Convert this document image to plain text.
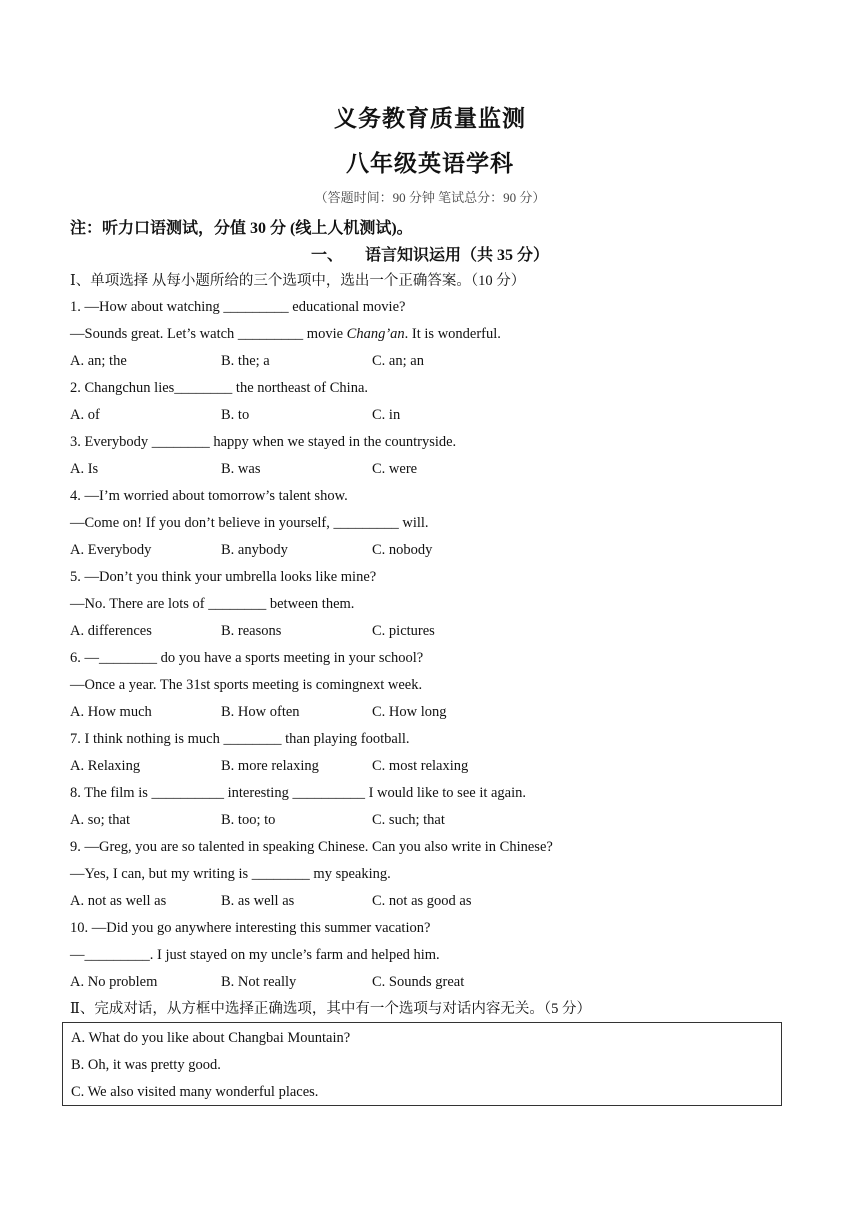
义务教育质量监测
八年级英语学科
（答题时间：90 分钟 笔试总分：90 分）
注：听力口语测试，分值 30 分 (线上人机测试)。
一、 语言知识运用（共 35 分）
Ⅰ、单项选择 从每小题所给的三个选项中，选出一个正确答案。（10 分）
1. —How about watching _________ educational movie?
—Sounds great. Let’s watch _________ movie Chang’an. It is wonderful.
A. an; the	B. the; a	C. an; an
2. Changchun lies________ the northeast of China.
A. of	B. to	C. in
3. Everybody ________ happy when we stayed in the countryside.
A. Is	B. was	C. were
4. —I’m worried about tomorrow’s talent show.
—Come on! If you don’t believe in yourself, _________ will.
A. Everybody	B. anybody	C. nobody
5. —Don’t you think your umbrella looks like mine?
—No. There are lots of ________ between them.
A. differences	B. reasons	C. pictures
6. —________ do you have a sports meeting in your school?
—Once a year. The 31st sports meeting is comingnext week.
A. How much	B. How often	C. How long
7. I think nothing is much ________ than playing football.
A. Relaxing	B. more relaxing	C. most relaxing
8. The film is __________ interesting __________ I would like to see it again.
A. so; that	B. too; to	C. such; that
9. —Greg, you are so talented in speaking Chinese. Can you also write in Chinese?
—Yes, I can, but my writing is ________ my speaking.
A. not as well as	B. as well as	C. not as good as
10. —Did you go anywhere interesting this summer vacation?
—_________. I just stayed on my uncle’s farm and helped him.
A. No problem	B. Not really	C. Sounds great
Ⅱ、完成对话，从方框中选择正确选项，其中有一个选项与对话内容无关。（5 分）
A. What do you like about Changbai Mountain?
B. Oh, it was pretty good.
C. We also visited many wonderful places.
